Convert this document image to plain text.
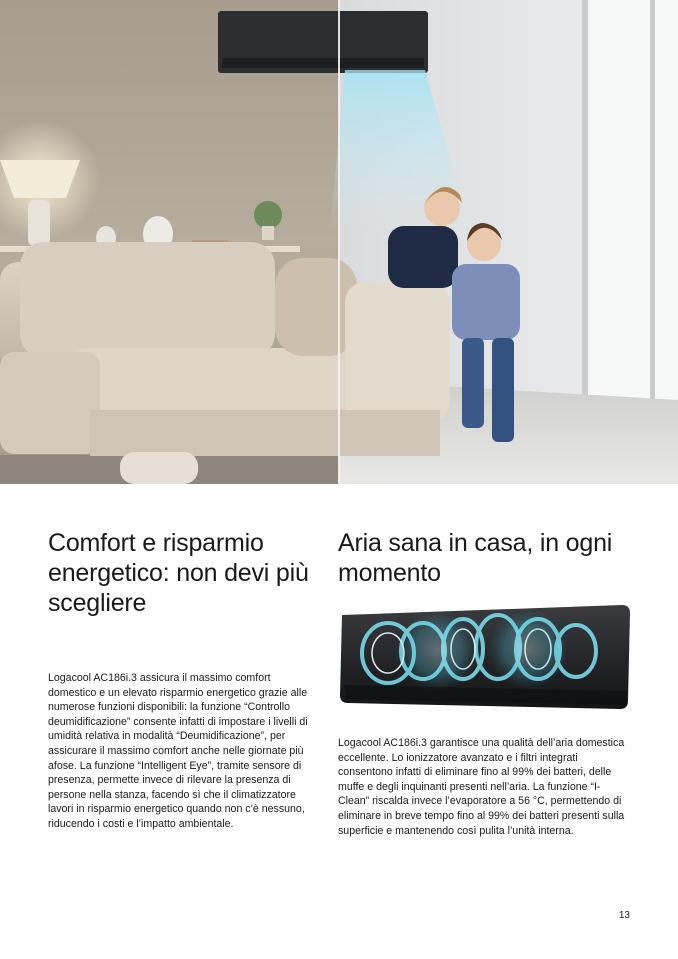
Comfort e risparmio energetico: non devi più scegliere

Logacool AC186i.3 assicura il massimo comfort domestico e un elevato risparmio energetico grazie alle numerose funzioni disponibili: la funzione “Controllo deumidificazione” consente infatti di impostare i livelli di umidità relativa in modalità “Deumidificazione”, per assicurare il massimo comfort anche nelle giornate più afose. La funzione “Intelligent Eye”, tramite sensore di presenza, permette invece di rilevare la presenza di persone nella stanza, facendo sì che il climatizzatore lavori in risparmio energetico quando non c’è nessuno, riducendo i costi e l’impatto ambientale.

Aria sana in casa, in ogni momento

Logacool AC186i.3 garantisce una qualità dell’aria domestica eccellente. Lo ionizzatore avanzato e i filtri integrati consentono infatti di eliminare fino al 99% dei batteri, delle muffe e degli inquinanti presenti nell’aria. La funzione “I-Clean” riscalda invece l’evaporatore a 56 °C, permettendo di eliminare in breve tempo fino al 99% dei batteri presenti sulla superficie e mantenendo così pulita l’unità interna.

13
